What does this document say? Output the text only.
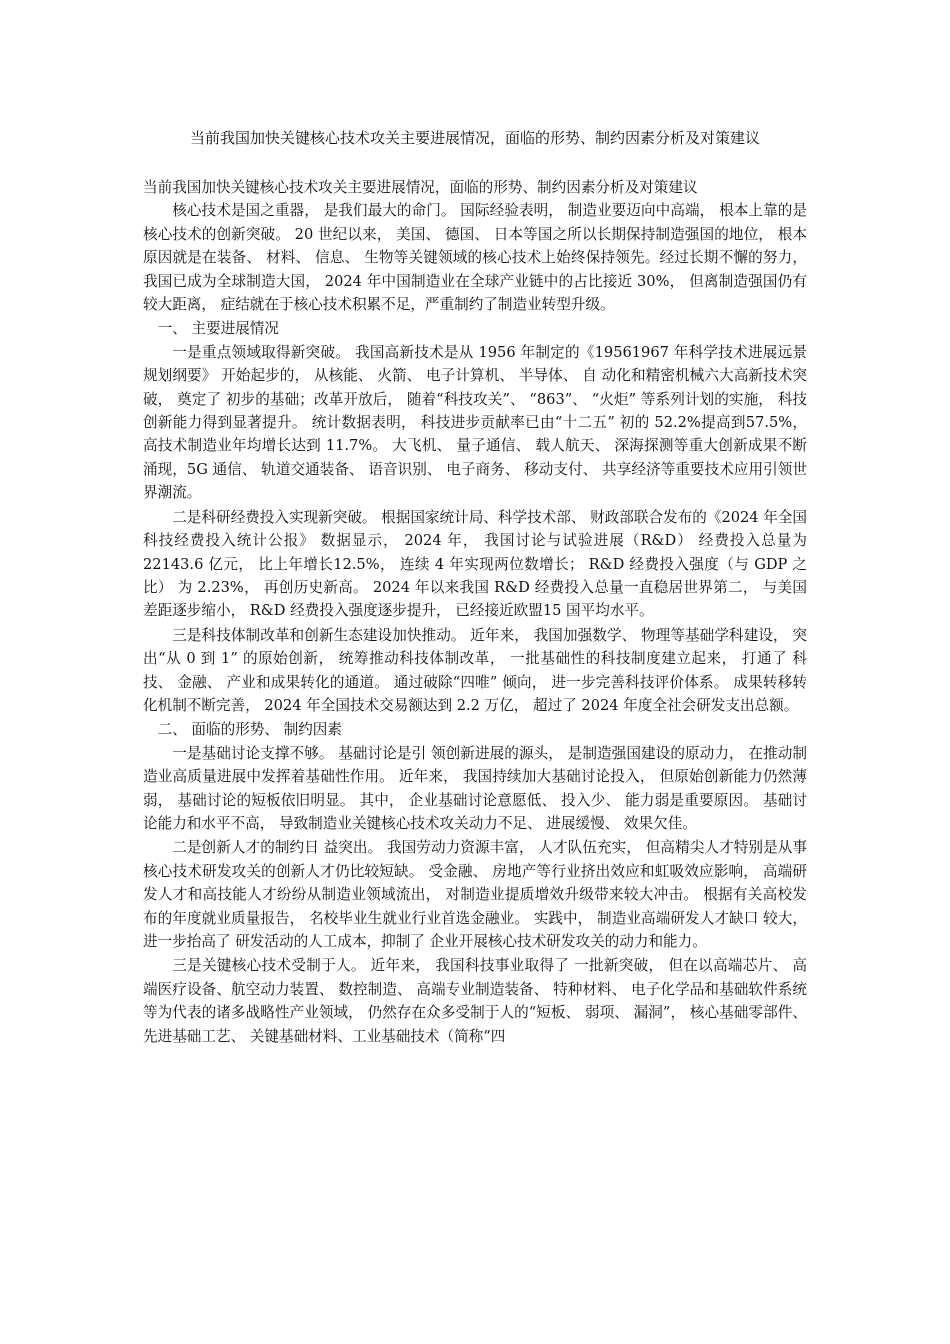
当前我国加快关键核心技术攻关主要进展情况，面临的形势、制约因素分析及对策建议

当前我国加快关键核心技术攻关主要进展情况，面临的形势、制约因素分析及对策建议

核心技术是国之重器， 是我们最大的命门。 国际经验表明， 制造业要迈向中高端， 根本上靠的是核心技术的创新突破。 20 世纪以来， 美国、 德国、 日本等国之所以长期保持制造强国的地位， 根本原因就是在装备、 材料、 信息、 生物等关键领域的核心技术上始终保持领先。经过长期不懈的努力， 我国已成为全球制造大国， 2024 年中国制造业在全球产业链中的占比接近 30%， 但离制造强国仍有较大距离， 症结就在于核心技术积累不足，严重制约了制造业转型升级。

一、 主要进展情况

一是重点领域取得新突破。 我国高新技术是从 1956 年制定的《19561967 年科学技术进展远景规划纲要》 开始起步的， 从核能、 火箭、 电子计算机、 半导体、 自 动化和精密机械六大高新技术突破， 奠定了 初步的基础；改革开放后， 随着“科技攻关”、 “863”、 “火炬” 等系列计划的实施， 科技创新能力得到显著提升。 统计数据表明， 科技进步贡献率已由“十二五” 初的 52.2%提高到57.5%， 高技术制造业年均增长达到 11.7%。 大飞机、 量子通信、 载人航天、 深海探测等重大创新成果不断涌现，5G 通信、 轨道交通装备、 语音识别、 电子商务、 移动支付、 共享经济等重要技术应用引领世界潮流。

二是科研经费投入实现新突破。 根据国家统计局、科学技术部、 财政部联合发布的《2024 年全国科技经费投入统计公报》 数据显示， 2024 年， 我国讨论与试验进展（R&D） 经费投入总量为 22143.6 亿元， 比上年增长12.5%， 连续 4 年实现两位数增长； R&D 经费投入强度（与 GDP 之比） 为 2.23%， 再创历史新高。 2024 年以来我国 R&D 经费投入总量一直稳居世界第二， 与美国差距逐步缩小， R&D 经费投入强度逐步提升， 已经接近欧盟15 国平均水平。

三是科技体制改革和创新生态建设加快推动。 近年来， 我国加强数学、 物理等基础学科建设， 突出“从 0 到 1” 的原始创新， 统筹推动科技体制改革， 一批基础性的科技制度建立起来， 打通了 科技、 金融、 产业和成果转化的通道。 通过破除“四唯” 倾向， 进一步完善科技评价体系。 成果转移转化机制不断完善， 2024 年全国技术交易额达到 2.2 万亿， 超过了 2024 年度全社会研发支出总额。

二、 面临的形势、 制约因素

一是基础讨论支撑不够。 基础讨论是引 领创新进展的源头， 是制造强国建设的原动力， 在推动制造业高质量进展中发挥着基础性作用。 近年来， 我国持续加大基础讨论投入， 但原始创新能力仍然薄弱， 基础讨论的短板依旧明显。 其中， 企业基础讨论意愿低、 投入少、 能力弱是重要原因。 基础讨论能力和水平不高， 导致制造业关键核心技术攻关动力不足、 进展缓慢、 效果欠佳。

二是创新人才的制约日 益突出。 我国劳动力资源丰富， 人才队伍充实， 但高精尖人才特别是从事核心技术研发攻关的创新人才仍比较短缺。 受金融、 房地产等行业挤出效应和虹吸效应影响， 高端研发人才和高技能人才纷纷从制造业领域流出， 对制造业提质增效升级带来较大冲击。 根据有关高校发布的年度就业质量报告， 名校毕业生就业行业首选金融业。 实践中， 制造业高端研发人才缺口 较大， 进一步抬高了 研发活动的人工成本，抑制了 企业开展核心技术研发攻关的动力和能力。

三是关键核心技术受制于人。 近年来， 我国科技事业取得了 一批新突破， 但在以高端芯片、 高端医疗设备、航空动力装置、 数控制造、 高端专业制造装备、 特种材料、 电子化学品和基础软件系统等为代表的诸多战略性产业领域， 仍然存在众多受制于人的“短板、 弱项、 漏洞”， 核心基础零部件、 先进基础工艺、 关键基础材料、工业基础技术（简称“四
